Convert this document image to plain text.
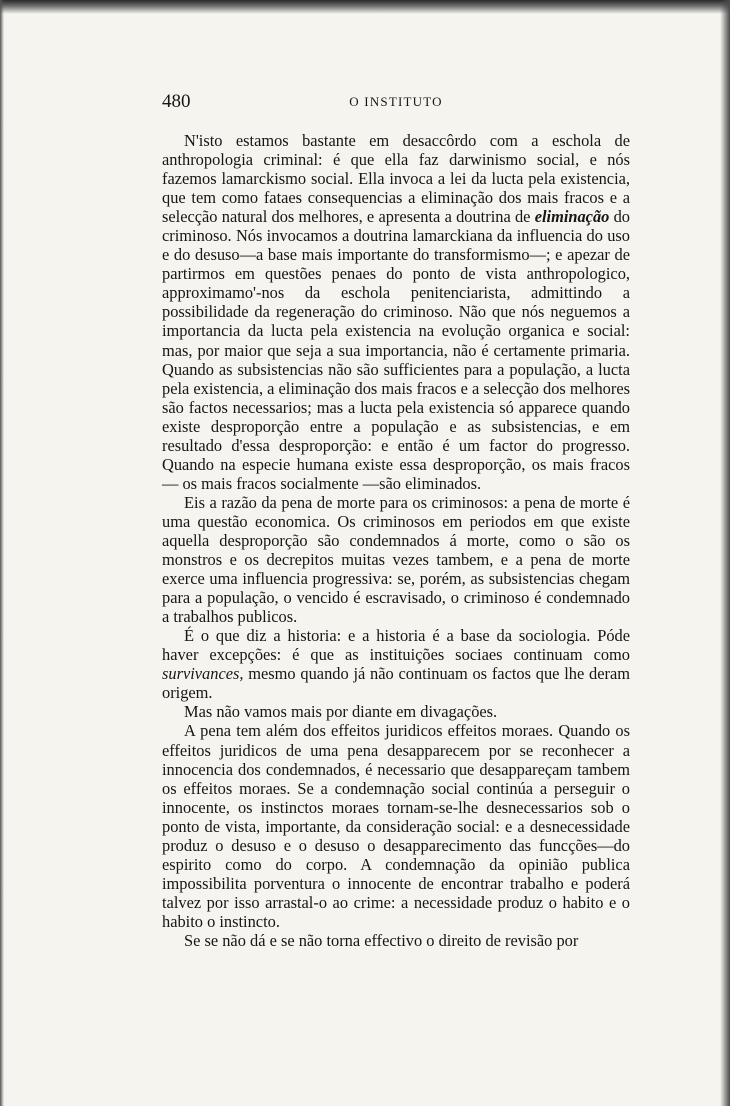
480	O INSTITUTO

N'isto estamos bastante em desaccôrdo com a eschola de anthropologia criminal: é que ella faz darwinismo social, e nós fazemos lamarckismo social. Ella invoca a lei da lucta pela existencia, que tem como fataes consequencias a eliminação dos mais fracos e a selecção natural dos melhores, e apresenta a doutrina de eliminação do criminoso. Nós invocamos a doutrina lamarckiana da influencia do uso e do desuso—a base mais importante do transformismo—; e apezar de partirmos em questões penaes do ponto de vista anthropologico, approximamo'-nos da eschola penitenciarista, admittindo a possibilidade da regeneração do criminoso. Não que nós neguemos a importancia da lucta pela existencia na evolução organica e social: mas, por maior que seja a sua importancia, não é certamente primaria. Quando as subsistencias não são sufficientes para a população, a lucta pela existencia, a eliminação dos mais fracos e a selecção dos melhores são factos necessarios; mas a lucta pela existencia só apparece quando existe desproporção entre a população e as subsistencias, e em resultado d'essa desproporção: e então é um factor do progresso. Quando na especie humana existe essa desproporção, os mais fracos — os mais fracos socialmente —são eliminados.

Eis a razão da pena de morte para os criminosos: a pena de morte é uma questão economica. Os criminosos em periodos em que existe aquella desproporção são condemnados á morte, como o são os monstros e os decrepitos muitas vezes tambem, e a pena de morte exerce uma influencia progressiva: se, porém, as subsistencias chegam para a população, o vencido é escravisado, o criminoso é condemnado a trabalhos publicos.

É o que diz a historia: e a historia é a base da sociologia. Póde haver excepções: é que as instituições sociaes continuam como survivances, mesmo quando já não continuam os factos que lhe deram origem.

Mas não vamos mais por diante em divagações.

A pena tem além dos effeitos juridicos effeitos moraes. Quando os effeitos juridicos de uma pena desapparecem por se reconhecer a innocencia dos condemnados, é necessario que desappareçam tambem os effeitos moraes. Se a condemnação social continúa a perseguir o innocente, os instinctos moraes tornam-se-lhe desnecessarios sob o ponto de vista, importante, da consideração social: e a desnecessidade produz o desuso e o desuso o desapparecimento das funcções—do espirito como do corpo. A condemnação da opinião publica impossibilita porventura o innocente de encontrar trabalho e poderá talvez por isso arrastal-o ao crime: a necessidade produz o habito e o habito o instincto.

Se se não dá e se não torna effectivo o direito de revisão por
